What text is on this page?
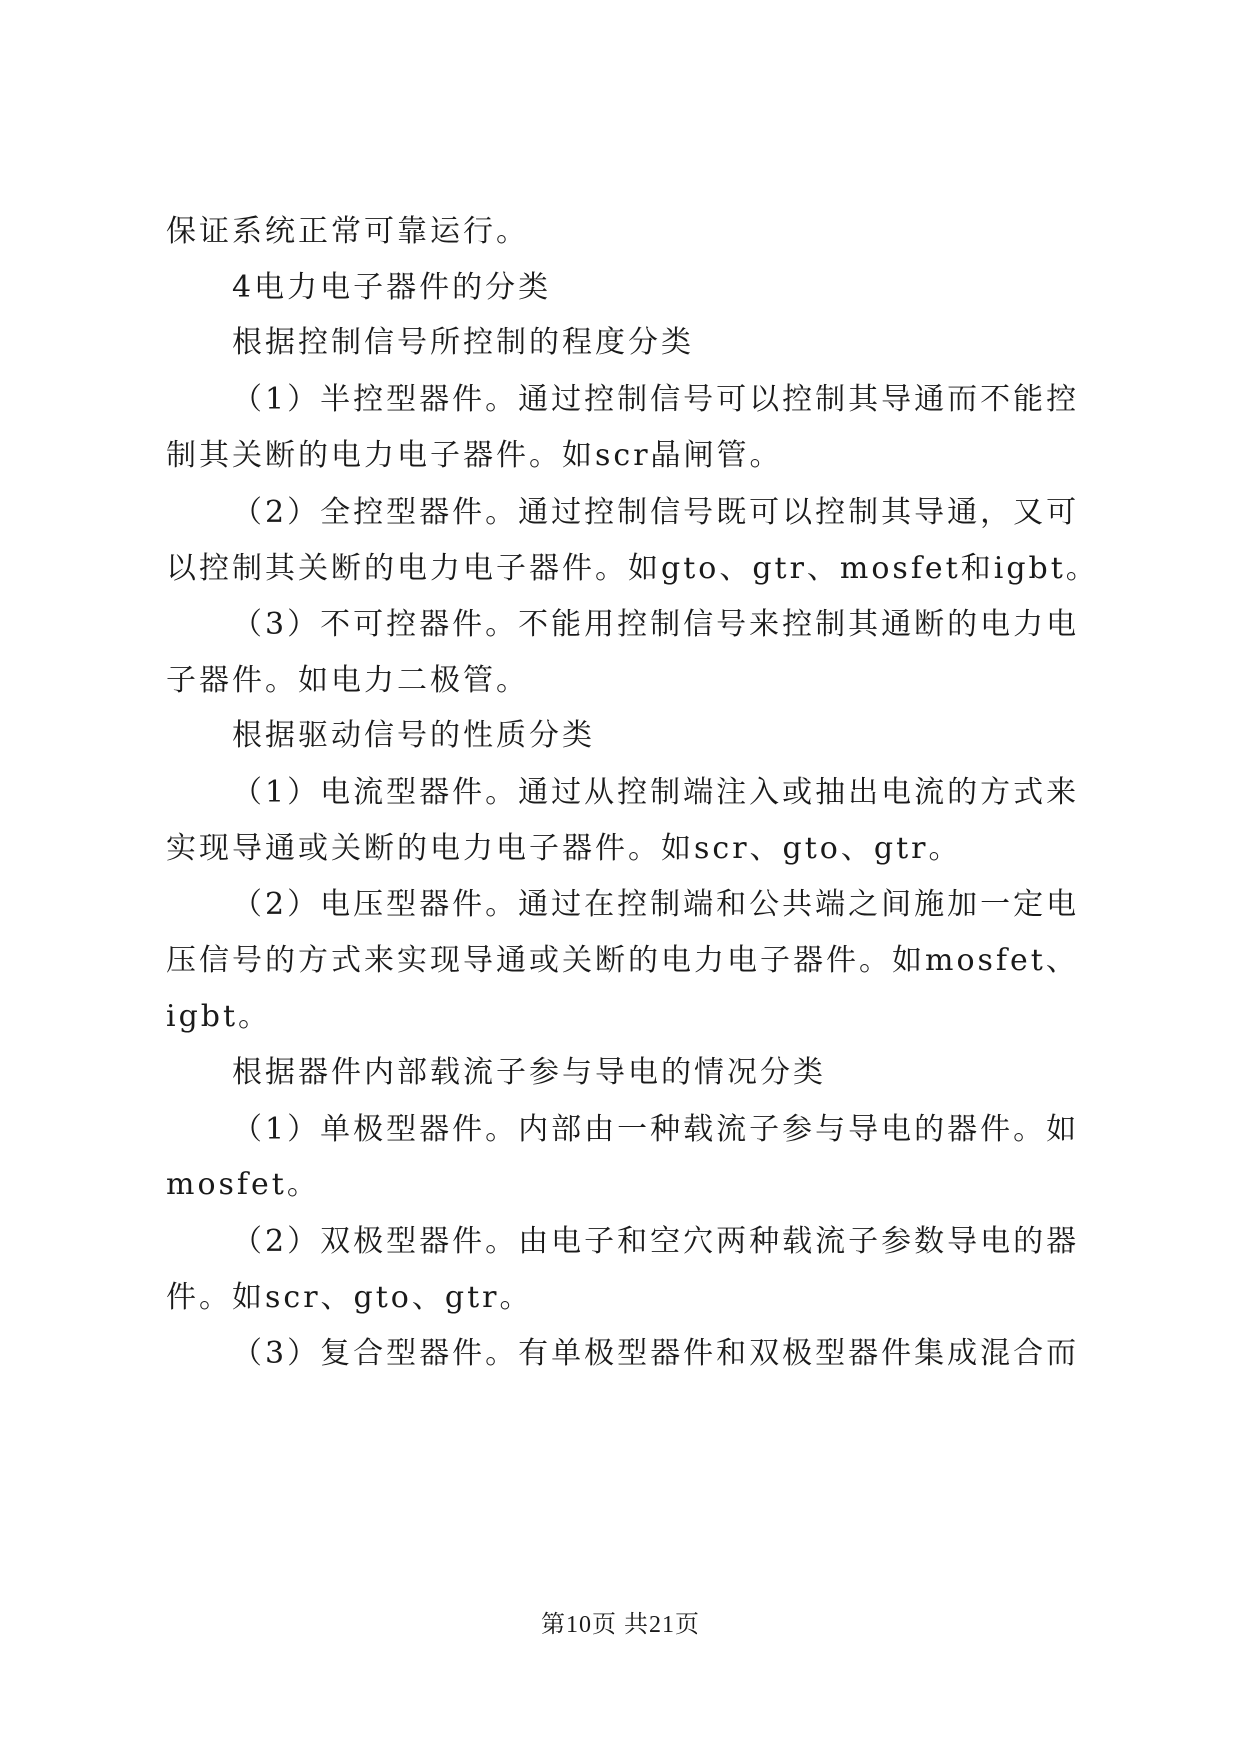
保证系统正常可靠运行。
4电力电子器件的分类
根据控制信号所控制的程度分类
（1）半控型器件。通过控制信号可以控制其导通而不能控
制其关断的电力电子器件。如scr晶闸管。
（2）全控型器件。通过控制信号既可以控制其导通，又可
以控制其关断的电力电子器件。如gto、gtr、mosfet和igbt。
（3）不可控器件。不能用控制信号来控制其通断的电力电
子器件。如电力二极管。
根据驱动信号的性质分类
（1）电流型器件。通过从控制端注入或抽出电流的方式来
实现导通或关断的电力电子器件。如scr、gto、gtr。
（2）电压型器件。通过在控制端和公共端之间施加一定电
压信号的方式来实现导通或关断的电力电子器件。如mosfet、
igbt。
根据器件内部载流子参与导电的情况分类
（1）单极型器件。内部由一种载流子参与导电的器件。如
mosfet。
（2）双极型器件。由电子和空穴两种载流子参数导电的器
件。如scr、gto、gtr。
（3）复合型器件。有单极型器件和双极型器件集成混合而
第10页 共21页
